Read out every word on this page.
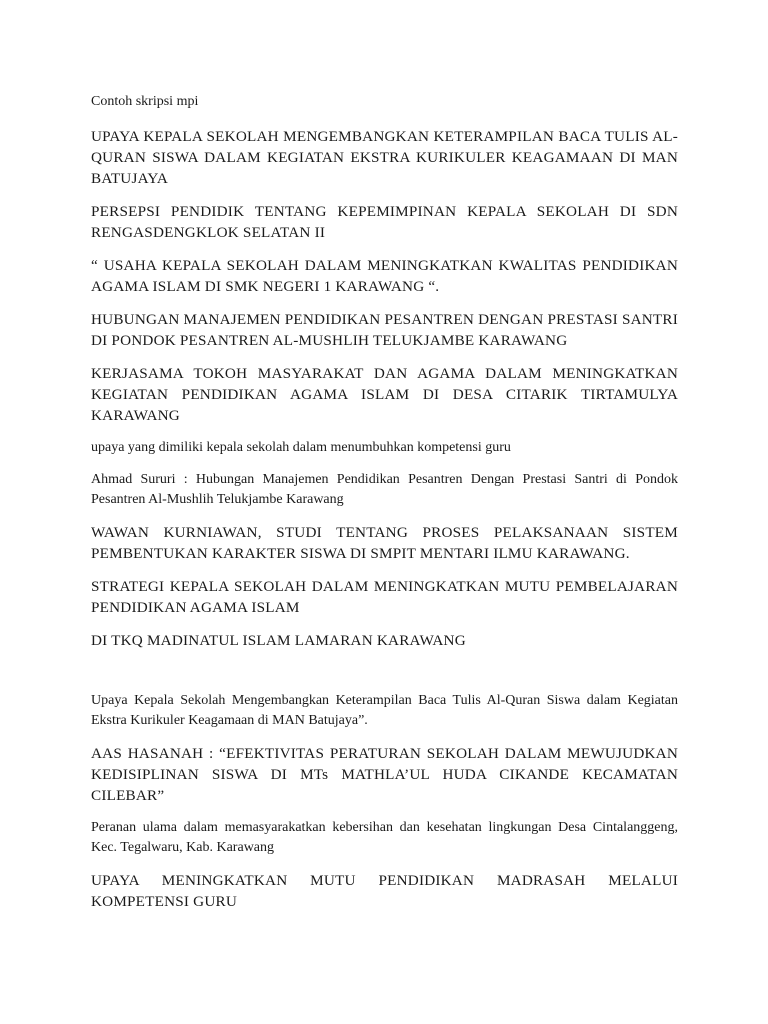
Contoh skripsi mpi

UPAYA KEPALA SEKOLAH MENGEMBANGKAN KETERAMPILAN BACA TULIS AL-QURAN SISWA DALAM KEGIATAN EKSTRA KURIKULER KEAGAMAAN DI MAN BATUJAYA

PERSEPSI PENDIDIK TENTANG KEPEMIMPINAN KEPALA SEKOLAH DI SDN RENGASDENGKLOK SELATAN II

“ USAHA KEPALA SEKOLAH DALAM MENINGKATKAN KWALITAS PENDIDIKAN AGAMA ISLAM DI SMK NEGERI 1 KARAWANG “.

HUBUNGAN MANAJEMEN PENDIDIKAN PESANTREN DENGAN PRESTASI SANTRI DI PONDOK PESANTREN AL-MUSHLIH TELUKJAMBE KARAWANG

KERJASAMA TOKOH MASYARAKAT DAN AGAMA DALAM MENINGKATKAN KEGIATAN PENDIDIKAN AGAMA ISLAM DI DESA CITARIK TIRTAMULYA KARAWANG

upaya yang dimiliki kepala sekolah dalam menumbuhkan kompetensi guru

Ahmad Sururi : Hubungan Manajemen Pendidikan Pesantren Dengan Prestasi Santri di Pondok Pesantren Al-Mushlih Telukjambe Karawang

WAWAN KURNIAWAN, STUDI TENTANG PROSES PELAKSANAAN SISTEM PEMBENTUKAN KARAKTER SISWA DI SMPIT MENTARI ILMU KARAWANG.

STRATEGI KEPALA SEKOLAH DALAM MENINGKATKAN MUTU PEMBELAJARAN PENDIDIKAN AGAMA ISLAM

DI TKQ MADINATUL ISLAM LAMARAN KARAWANG

Upaya Kepala Sekolah Mengembangkan Keterampilan Baca Tulis Al-Quran Siswa dalam Kegiatan Ekstra Kurikuler Keagamaan di MAN Batujaya”.

AAS HASANAH : “EFEKTIVITAS PERATURAN SEKOLAH DALAM MEWUJUDKAN KEDISIPLINAN SISWA DI MTs MATHLA’UL HUDA CIKANDE KECAMATAN CILEBAR”

Peranan ulama dalam memasyarakatkan kebersihan dan kesehatan lingkungan Desa Cintalanggeng, Kec. Tegalwaru, Kab. Karawang

UPAYA MENINGKATKAN MUTU PENDIDIKAN MADRASAH MELALUI KOMPETENSI GURU
